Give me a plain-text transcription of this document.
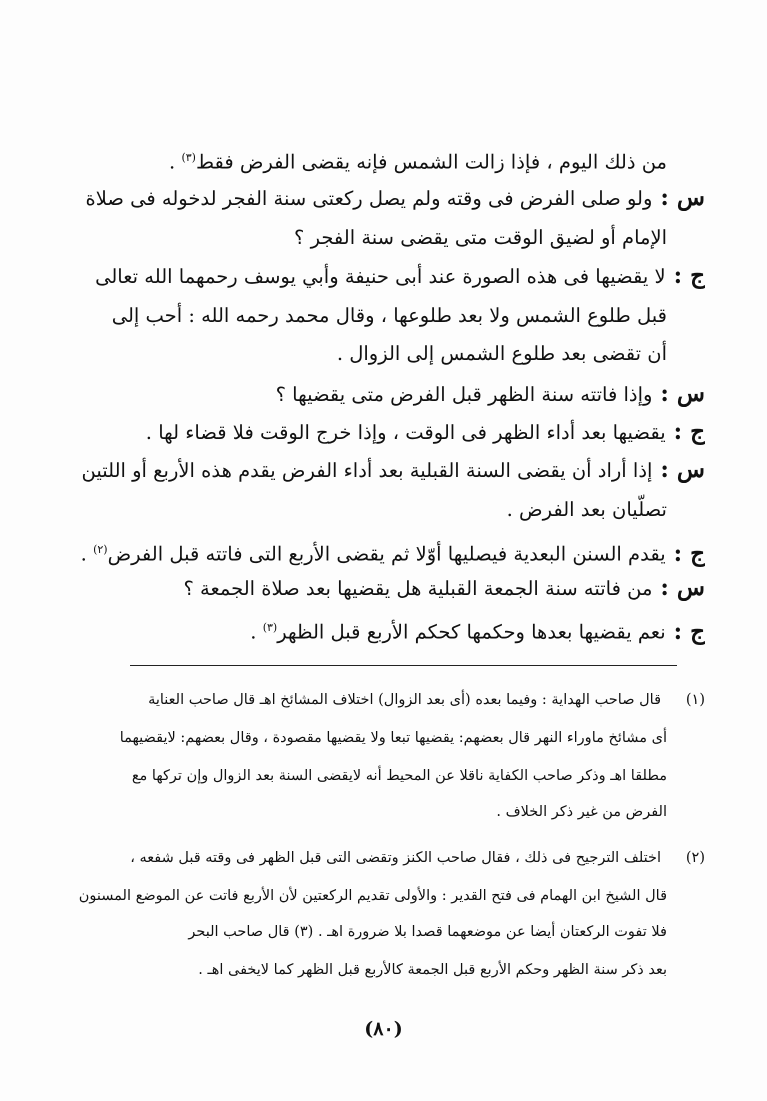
من ذلك اليوم ، فإذا زالت الشمس فإنه يقضى الفرض فقط$^{(٣)}$ .
س :ولو صلى الفرض فى وقته ولم يصل ركعتى سنة الفجر لدخوله فى صلاة
الإمام أو لضيق الوقت متى يقضى سنة الفجر ؟
ج :لا يقضيها فى هذه الصورة عند أبى حنيفة وأبي يوسف رحمهما الله تعالى
قبل طلوع الشمس ولا بعد طلوعها ، وقال محمد رحمه الله : أحب إلى
أن تقضى بعد طلوع الشمس إلى الزوال .
س :وإذا فاتته سنة الظهر قبل الفرض متى يقضيها ؟
ج :يقضيها بعد أداء الظهر فى الوقت ، وإذا خرج الوقت فلا قضاء لها .
س :إذا أراد أن يقضى السنة القبلية بعد أداء الفرض يقدم هذه الأربع أو اللتين
تصلّيان بعد الفرض .
ج :يقدم السنن البعدية فيصليها أوّلا ثم يقضى الأربع التى فاتته قبل الفرض$^{(٢)}$ .
س :من فاتته سنة الجمعة القبلية هل يقضيها بعد صلاة الجمعة ؟
ج :نعم يقضيها بعدها وحكمها كحكم الأربع قبل الظهر$^{(٣)}$ .
(١)قال صاحب الهداية : وفيما بعده (أى بعد الزوال) اختلاف المشائخ اهـ قال صاحب العناية
أى مشائخ ماوراء النهر قال بعضهم: يقضيها تبعا ولا يقضيها مقصودة ، وقال بعضهم: لايقضيهما
مطلقا اهـ وذكر صاحب الكفاية ناقلا عن المحيط أنه لايقضى السنة بعد الزوال وإن تركها مع
الفرض من غير ذكر الخلاف .
(٢)اختلف الترجيح فى ذلك ، فقال صاحب الكنز وتقضى التى قبل الظهر فى وقته قبل شفعه ،
قال الشيخ ابن الهمام فى فتح القدير : والأولى تقديم الركعتين لأن الأربع فاتت عن الموضع المسنون
فلا تفوت الركعتان أيضا عن موضعهما قصدا بلا ضرورة اهـ . (٣) قال صاحب البحر
بعد ذكر سنة الظهر وحكم الأربع قبل الجمعة كالأربع قبل الظهر كما لايخفى اهـ .
(٨٠)
